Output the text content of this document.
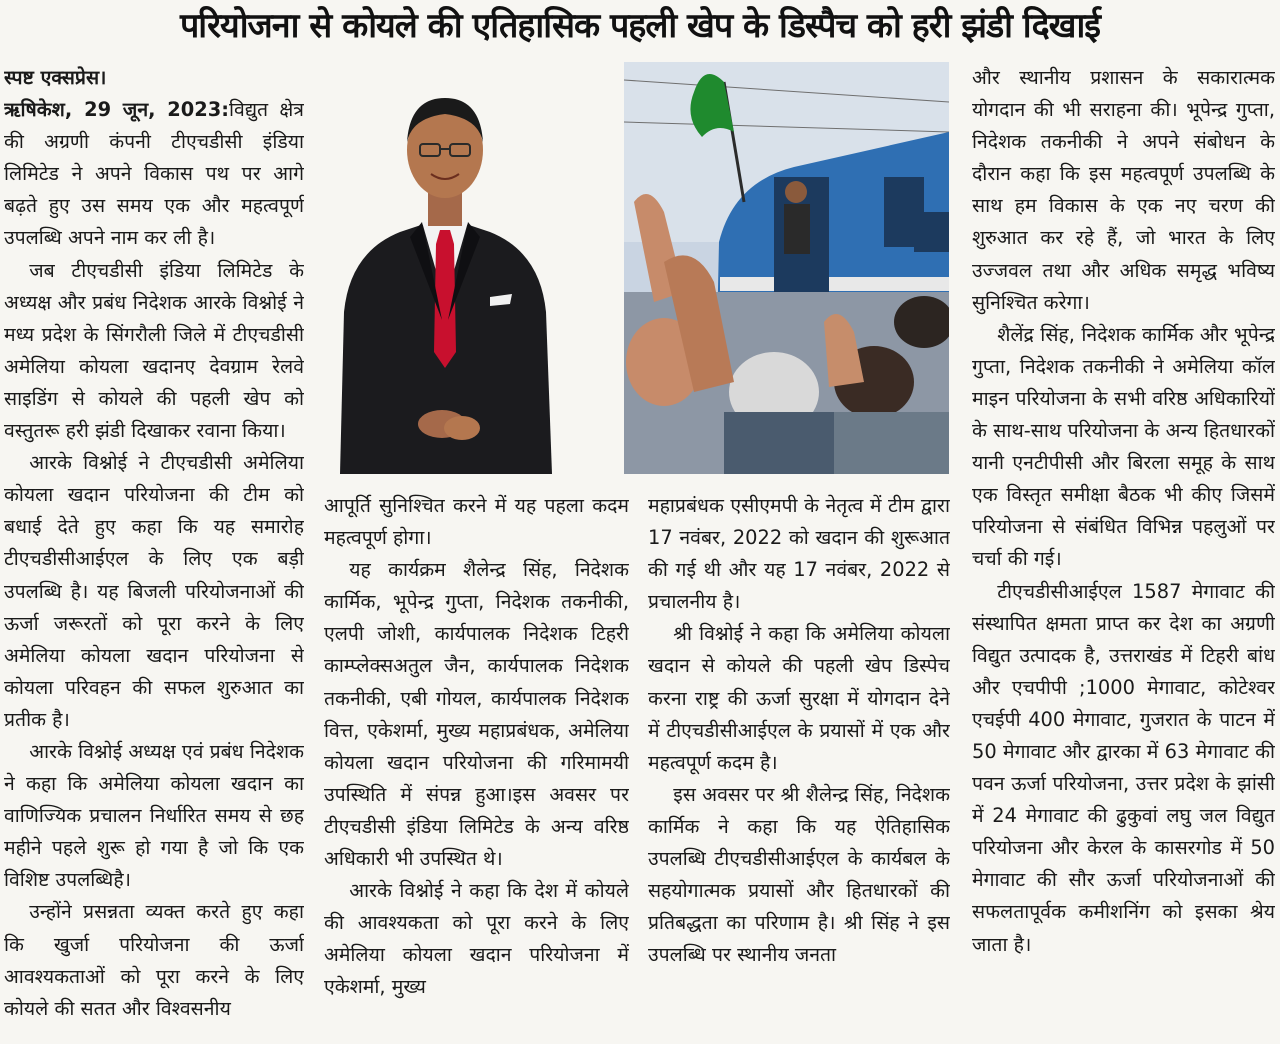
परियोजना से कोयले की एतिहासिक पहली खेप के डिस्पैच को हरी झंडी दिखाई

स्पष्ट एक्सप्रेस।

ऋषिकेश, 29 जून, 2023:विद्युत क्षेत्र की अग्रणी कंपनी टीएचडीसी इंडिया लिमिटेड ने अपने विकास पथ पर आगे बढ़ते हुए उस समय एक और महत्वपूर्ण उपलब्धि अपने नाम कर ली है।

जब टीएचडीसी इंडिया लिमिटेड के अध्यक्ष और प्रबंध निदेशक आरके विश्नोई ने मध्य प्रदेश के सिंगरौली जिले में टीएचडीसी अमेलिया कोयला खदानए देवग्राम रेलवे साइडिंग से कोयले की पहली खेप को वस्तुतरू हरी झंडी दिखाकर रवाना किया।

आरके विश्नोई ने टीएचडीसी अमेलिया कोयला खदान परियोजना की टीम को बधाई देते हुए कहा कि यह समारोह टीएचडीसीआईएल के लिए एक बड़ी उपलब्धि है। यह बिजली परियोजनाओं की ऊर्जा जरूरतों को पूरा करने के लिए अमेलिया कोयला खदान परियोजना से कोयला परिवहन की सफल शुरुआत का प्रतीक है।

आरके विश्नोई अध्यक्ष एवं प्रबंध निदेशक ने कहा कि अमेलिया कोयला खदान का वाणिज्यिक प्रचालन निर्धारित समय से छह महीने पहले शुरू हो गया है जो कि एक विशिष्ट उपलब्धिहै।

उन्होंने प्रसन्नता व्यक्त करते हुए कहा कि खुर्जा परियोजना की ऊर्जा आवश्यकताओं को पूरा करने के लिए कोयले की सतत और विश्वसनीय

आपूर्ति सुनिश्चित करने में यह पहला कदम महत्वपूर्ण होगा।

यह कार्यक्रम शैलेन्द्र सिंह, निदेशक कार्मिक, भूपेन्द्र गुप्ता, निदेशक तकनीकी, एलपी जोशी, कार्यपालक निदेशक टिहरी काम्प्लेक्सअतुल जैन, कार्यपालक निदेशक तकनीकी, एबी गोयल, कार्यपालक निदेशक वित्त, एकेशर्मा, मुख्य महाप्रबंधक, अमेलिया कोयला खदान परियोजना की गरिमामयी उपस्थिति में संपन्न हुआ।इस अवसर पर टीएचडीसी इंडिया लिमिटेड के अन्य वरिष्ठ अधिकारी भी उपस्थित थे।

आरके विश्नोई ने कहा कि देश में कोयले की आवश्यकता को पूरा करने के लिए अमेलिया कोयला खदान परियोजना में एकेशर्मा, मुख्य

महाप्रबंधक एसीएमपी के नेतृत्व में टीम द्वारा 17 नवंबर, 2022 को खदान की शुरूआत की गई थी और यह 17 नवंबर, 2022 से प्रचालनीय है।

श्री विश्नोई ने कहा कि अमेलिया कोयला खदान से कोयले की पहली खेप डिस्पेच करना राष्ट्र की ऊर्जा सुरक्षा में योगदान देने में टीएचडीसीआईएल के प्रयासों में एक और महत्वपूर्ण कदम है।

इस अवसर पर श्री शैलेन्द्र सिंह, निदेशक कार्मिक ने कहा कि यह ऐतिहासिक उपलब्धि टीएचडीसीआईएल के कार्यबल के सहयोगात्मक प्रयासों और हितधारकों की प्रतिबद्धता का परिणाम है। श्री सिंह ने इस उपलब्धि पर स्थानीय जनता

और स्थानीय प्रशासन के सकारात्मक योगदान की भी सराहना की। भूपेन्द्र गुप्ता, निदेशक तकनीकी ने अपने संबोधन के दौरान कहा कि इस महत्वपूर्ण उपलब्धि के साथ हम विकास के एक नए चरण की शुरुआत कर रहे हैं, जो भारत के लिए उज्जवल तथा और अधिक समृद्ध भविष्य सुनिश्चित करेगा।

शैलेंद्र सिंह, निदेशक कार्मिक और भूपेन्द्र गुप्ता, निदेशक तकनीकी ने अमेलिया कॉल माइन परियोजना के सभी वरिष्ठ अधिकारियों के साथ-साथ परियोजना के अन्य हितधारकों यानी एनटीपीसी और बिरला समूह के साथ एक विस्तृत समीक्षा बैठक भी कीए जिसमें परियोजना से संबंधित विभिन्न पहलुओं पर चर्चा की गई।

टीएचडीसीआईएल 1587 मेगावाट की संस्थापित क्षमता प्राप्त कर देश का अग्रणी विद्युत उत्पादक है, उत्तराखंड में टिहरी बांध और एचपीपी ;1000 मेगावाट, कोटेश्वर एचईपी 400 मेगावाट, गुजरात के पाटन में 50 मेगावाट और द्वारका में 63 मेगावाट की पवन ऊर्जा परियोजना, उत्तर प्रदेश के झांसी में 24 मेगावाट की ढुकुवां लघु जल विद्युत परियोजना और केरल के कासरगोड में 50 मेगावाट की सौर ऊर्जा परियोजनाओं की सफलतापूर्वक कमीशनिंग को इसका श्रेय जाता है।
